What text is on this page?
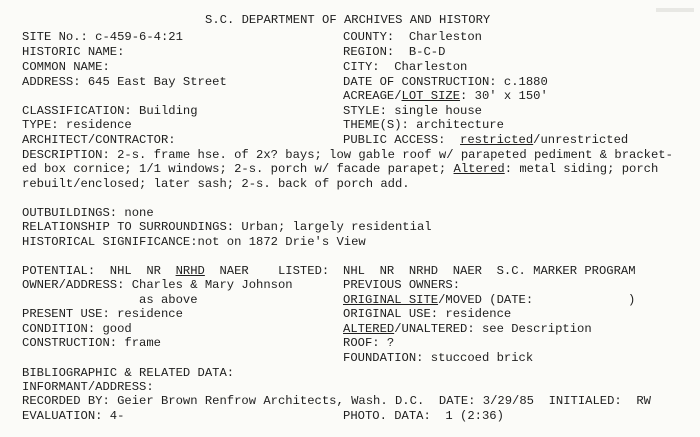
S.C. DEPARTMENT OF ARCHIVES AND HISTORY
SITE No.: c-459-6-4:21	COUNTY:  Charleston
HISTORIC NAME:	REGION:  B-C-D
COMMON NAME:	CITY:  Charleston
ADDRESS: 645 East Bay Street	DATE OF CONSTRUCTION: c.1880
ACREAGE/LOT SIZE: 30' x 150'
CLASSIFICATION: Building	STYLE: single house
TYPE: residence	THEME(S): architecture
ARCHITECT/CONTRACTOR:	PUBLIC ACCESS:  restricted/unrestricted
DESCRIPTION: 2-s. frame hse. of 2x? bays; low gable roof w/ parapeted pediment & bracket-
ed box cornice; 1/1 windows; 2-s. porch w/ facade parapet; Altered: metal siding; porch
rebuilt/enclosed; later sash; 2-s. back of porch add.
OUTBUILDINGS: none
RELATIONSHIP TO SURROUNDINGS: Urban; largely residential
HISTORICAL SIGNIFICANCE:not on 1872 Drie's View
POTENTIAL:  NHL  NR  NRHD  NAER    LISTED: NHL  NR  NRHD  NAER  S.C. MARKER PROGRAM
OWNER/ADDRESS: Charles & Mary Johnson	PREVIOUS OWNERS:
as above	ORIGINAL SITE/MOVED (DATE:	)
PRESENT USE: residence	ORIGINAL USE: residence
CONDITION: good	ALTERED/UNALTERED: see Description
CONSTRUCTION: frame	ROOF: ?
FOUNDATION: stuccoed brick
BIBLIOGRAPHIC & RELATED DATA:
INFORMANT/ADDRESS:
RECORDED BY: Geier Brown Renfrow Architects, Wash. D.C.  DATE: 3/29/85  INITIALED:  RW
EVALUATION: 4-	PHOTO. DATA:  1 (2:36)
